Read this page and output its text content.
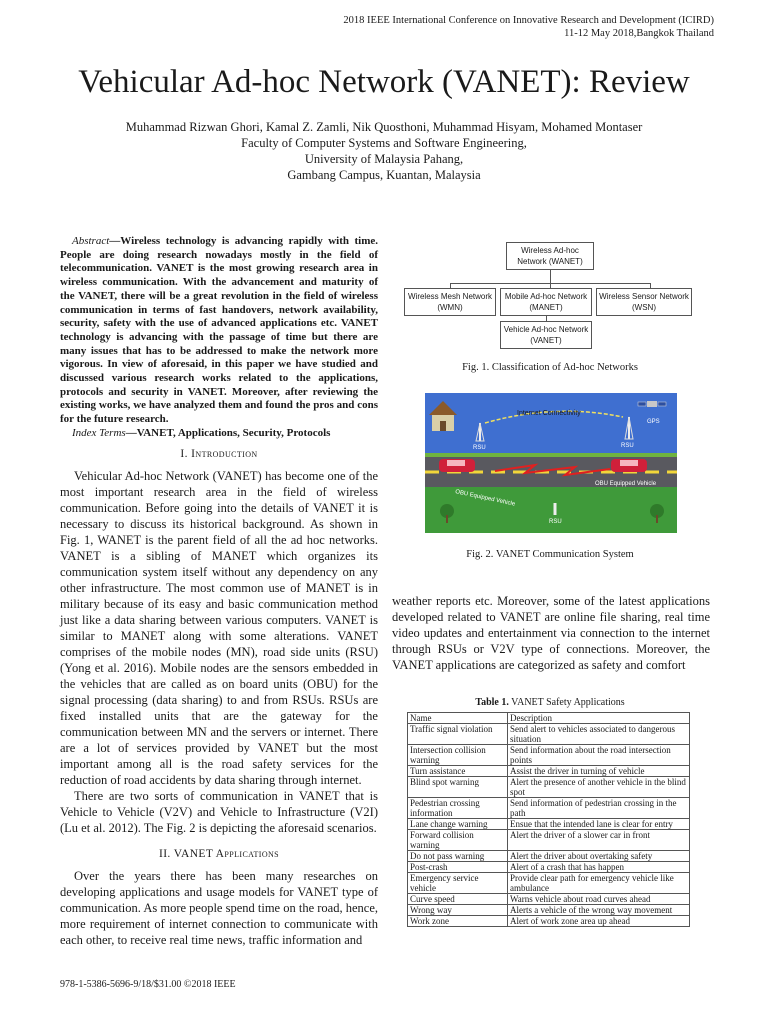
2018 IEEE International Conference on Innovative Research and Development (ICIRD)
11-12 May 2018,Bangkok Thailand
Vehicular Ad-hoc Network (VANET): Review
Muhammad Rizwan Ghori, Kamal Z. Zamli, Nik Quosthoni, Muhammad Hisyam, Mohamed Montaser
Faculty of Computer Systems and Software Engineering,
University of Malaysia Pahang,
Gambang Campus, Kuantan, Malaysia

Abstract—Wireless technology is advancing rapidly with time. People are doing research nowadays mostly in the field of telecommunication. VANET is the most growing research area in wireless communication. With the advancement and maturity of the VANET, there will be a great revolution in the field of wireless communication in terms of fast handovers, network availability, security, safety with the use of advanced applications etc. VANET technology is advancing with the passage of time but there are many issues that has to be addressed to make the network more vigorous. In view of aforesaid, in this paper we have studied and discussed various research works related to the applications, protocols and security in VANET. Moreover, after reviewing the existing works, we have analyzed them and found the pros and cons for the future research.

Index Terms—VANET, Applications, Security, Protocols

I. Introduction

Vehicular Ad-hoc Network (VANET) has become one of the most important research area in the field of wireless communication. Before going into the details of VANET it is necessary to discuss its historical background. As shown in Fig. 1, WANET is the parent field of all the ad hoc networks. VANET is a sibling of MANET which organizes its communication system itself without any dependency on any other infrastructure. The most common use of MANET is in military because of its easy and basic communication method just like a data sharing between various computers. VANET is similar to MANET along with some alterations. VANET comprises of the mobile nodes (MN), road side units (RSU) (Yong et al. 2016). Mobile nodes are the sensors embedded in the vehicles that are called as on board units (OBU) for the signal processing (data sharing) to and from RSUs. RSUs are fixed installed units that are the gateway for the communication between MN and the servers or internet. There are a lot of services provided by VANET but the most important among all is the road safety services for the reduction of road accidents by data sharing through internet.

There are two sorts of communication in VANET that is Vehicle to Vehicle (V2V) and Vehicle to Infrastructure (V2I) (Lu et al. 2012). The Fig. 2 is depicting the aforesaid scenarios.

II. VANET Applications

Over the years there has been many researches on developing applications and usage models for VANET type of communication. As more people spend time on the road, hence, more requirement of internet connection to communicate with each other, to receive real time news, traffic information and

Wireless Ad-hoc Network (WANET)
Wireless Mesh Network (WMN)
Mobile Ad-hoc Network (MANET)
Wireless Sensor Network (WSN)
Vehicle Ad-hoc Network (VANET)
Fig. 1. Classification of Ad-hoc Networks
Internet Connectivity
GPS
RSU	RSU
RSU
OBU Equipped Vehicle
OBU Equipped Vehicle
Fig. 2. VANET Communication System

weather reports etc. Moreover, some of the latest applications developed related to VANET are online file sharing, real time video updates and entertainment via connection to the internet through RSUs or V2V type of connections. Moreover, the VANET applications are categorized as safety and comfort

Table 1. VANET Safety Applications
Name	Description
Traffic signal violation	Send alert to vehicles associated to dangerous situation
Intersection collision warning	Send information about the road intersection points
Turn assistance	Assist the driver in turning of vehicle
Blind spot warning	Alert the presence of another vehicle in the blind spot
Pedestrian crossing information	Send information of pedestrian crossing in the path
Lane change warning	Ensue that the intended lane is clear for entry
Forward collision warning	Alert the driver of a slower car in front
Do not pass warning	Alert the driver about overtaking safety
Post-crash	Alert of a crash that has happen
Emergency service vehicle	Provide clear path for emergency vehicle like ambulance
Curve speed	Warns vehicle about road curves ahead
Wrong way	Alerts a vehicle of the wrong way movement
Work zone	Alert of work zone area up ahead
978-1-5386-5696-9/18/$31.00 ©2018 IEEE
